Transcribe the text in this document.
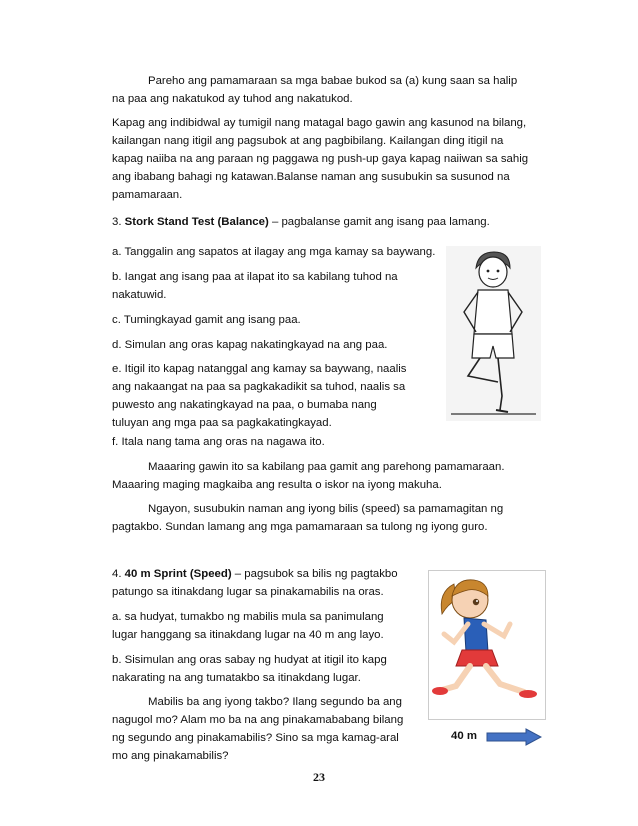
Pareho ang pamamaraan sa mga babae bukod sa (a) kung saan sa halip na paa ang nakatukod ay tuhod ang nakatukod.

Kapag ang indibidwal ay tumigil nang matagal bago gawin ang kasunod na bilang, kailangan nang itigil ang pagsubok at ang pagbibilang. Kailangan ding itigil na kapag naiiba na ang paraan ng paggawa ng push-up gaya kapag naiiwan sa sahig ang ibabang bahagi ng katawan.Balanse naman ang susubukin sa susunod na pamamaraan.

3. Stork Stand Test (Balance) – pagbalanse gamit ang isang paa lamang.

a. Tanggalin ang sapatos at ilagay ang mga kamay sa baywang.

b. Iangat ang isang paa at ilapat ito sa kabilang tuhod na nakatuwid.

c. Tumingkayad gamit ang isang paa.

d. Simulan ang oras kapag nakatingkayad na ang paa.

e. Itigil ito kapag natanggal ang kamay sa baywang, naalis ang nakaangat na paa sa pagkakadikit sa tuhod, naalis sa puwesto ang nakatingkayad na paa, o bumaba nang tuluyan ang mga paa sa pagkakatingkayad.

f. Itala nang tama ang oras na nagawa ito.

Maaaring gawin ito sa kabilang paa gamit ang parehong pamamaraan. Maaaring maging magkaiba ang resulta o iskor na iyong makuha.

Ngayon, susubukin naman ang iyong bilis (speed) sa pamamagitan ng pagtakbo. Sundan lamang ang mga pamamaraan sa tulong ng iyong guro.

4. 40 m Sprint (Speed) – pagsubok sa bilis ng pagtakbo patungo sa itinakdang lugar sa pinakamabilis na oras.

a. sa hudyat, tumakbo ng mabilis mula sa panimulang lugar hanggang sa itinakdang lugar na 40 m ang layo.

b. Sisimulan ang oras sabay ng hudyat at itigil ito kapg nakarating na ang tumatakbo sa itinakdang lugar.

Mabilis ba ang iyong takbo? Ilang segundo ba ang nagugol mo? Alam mo ba na ang pinakamababang bilang ng segundo ang pinakamabilis? Sino sa mga kamag-aral mo ang pinakamabilis?

40 m
23
